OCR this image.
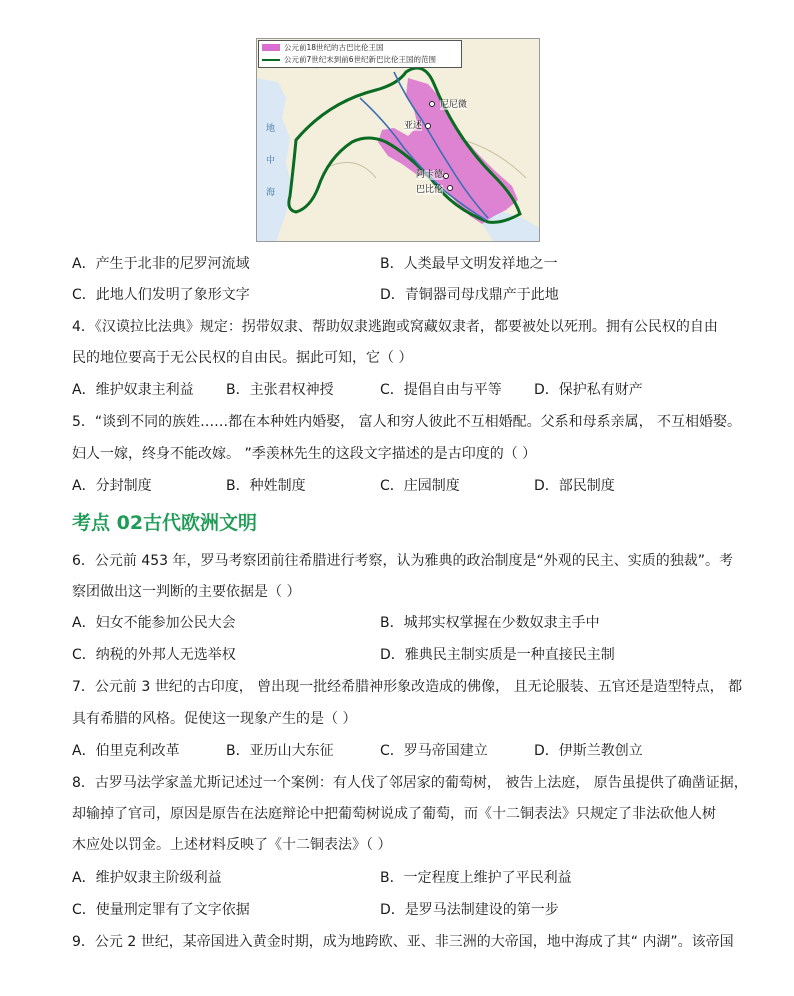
公元前18世纪的古巴比伦王国
公元前7世纪末到前6世纪新巴比伦王国的范围
尼尼微
亚述
阿卡德
巴比伦
地
中
海
A．产生于北非的尼罗河流域	B．人类最早文明发祥地之一
C．此地人们发明了象形文字	D．青铜器司母戊鼎产于此地
4．《汉谟拉比法典》规定：拐带奴隶、帮助奴隶逃跑或窝藏奴隶者，都要被处以死刑。拥有公民权的自由
民的地位要高于无公民权的自由民。据此可知，它（ ）
A．维护奴隶主利益 B．主张君权神授	C．提倡自由与平等 D．保护私有财产
5．“谈到不同的族姓……都在本种姓内婚娶， 富人和穷人彼此不互相婚配。父系和母系亲属， 不互相婚娶。
妇人一嫁，终身不能改嫁。 ”季羡林先生的这段文字描述的是古印度的（ ）
A．分封制度	B．种姓制度	C．庄园制度	D．部民制度
考点 02古代欧洲文明
6．公元前 453 年，罗马考察团前往希腊进行考察，认为雅典的政治制度是“外观的民主、实质的独裁”。考
察团做出这一判断的主要依据是（ ）
A．妇女不能参加公民大会	B．城邦实权掌握在少数奴隶主手中
C．纳税的外邦人无选举权	D．雅典民主制实质是一种直接民主制
7．公元前 3 世纪的古印度， 曾出现一批经希腊神形象改造成的佛像， 且无论服装、五官还是造型特点， 都
具有希腊的风格。促使这一现象产生的是（ ）
A．伯里克利改革	B．亚历山大东征	C．罗马帝国建立	D．伊斯兰教创立
8．古罗马法学家盖尤斯记述过一个案例：有人伐了邻居家的葡萄树， 被告上法庭， 原告虽提供了确凿证据，
却输掉了官司，原因是原告在法庭辩论中把葡萄树说成了葡萄，而《十二铜表法》只规定了非法砍他人树
木应处以罚金。上述材料反映了《十二铜表法》（ ）
A．维护奴隶主阶级利益	B．一定程度上维护了平民利益
C．使量刑定罪有了文字依据	D．是罗马法制建设的第一步
9．公元 2 世纪，某帝国进入黄金时期，成为地跨欧、亚、非三洲的大帝国，地中海成了其“ 内湖”。该帝国
